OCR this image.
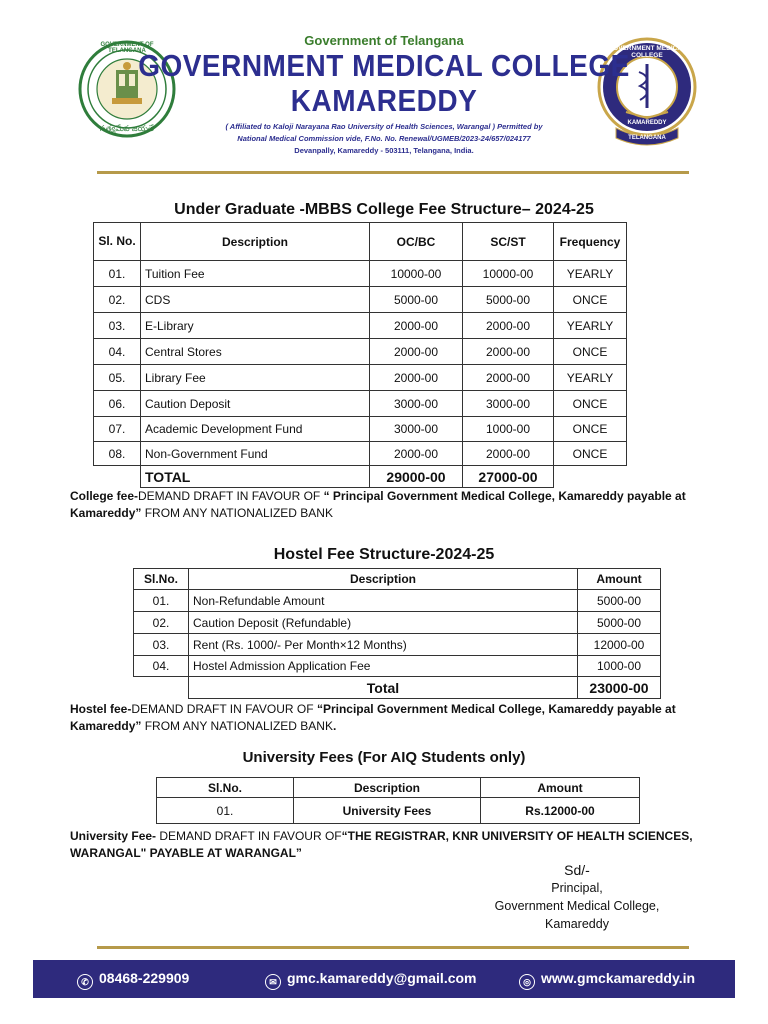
GOVERNMENT OF TELANGANA
సత్యమేవ జయతే
GOVERNMENT MEDICAL COLLEGE
KAMAREDDY
TELANGANA
Government of Telangana
GOVERNMENT MEDICAL COLLEGE
KAMAREDDY
( Affiliated to Kaloji Narayana Rao University of Health Sciences, Warangal ) Permitted by
National Medical Commission vide, F.No. No. Renewal/UGMEB/2023-24/657/024177
Devanpally, Kamareddy - 503111, Telangana, India.
Under Graduate -MBBS College Fee Structure– 2024-25
Sl. No.	Description	OC/BC	SC/ST	Frequency
01.	Tuition Fee	10000-00	10000-00	YEARLY
02.	CDS	5000-00	5000-00	ONCE
03.	E-Library	2000-00	2000-00	YEARLY
04.	Central Stores	2000-00	2000-00	ONCE
05.	Library Fee	2000-00	2000-00	YEARLY
06.	Caution Deposit	3000-00	3000-00	ONCE
07.	Academic Development Fund	3000-00	1000-00	ONCE
08.	Non-Government Fund	2000-00	2000-00	ONCE
	TOTAL	29000-00	27000-00	
College fee-DEMAND DRAFT IN FAVOUR OF “ Principal Government Medical College, Kamareddy payable at Kamareddy” FROM ANY NATIONALIZED BANK
Hostel Fee Structure-2024-25
Sl.No.	Description	Amount
01.	Non-Refundable Amount	5000-00
02.	Caution Deposit (Refundable)	5000-00
03.	Rent (Rs. 1000/- Per Month×12 Months)	12000-00
04.	Hostel Admission Application Fee	1000-00
	Total	23000-00
Hostel fee-DEMAND DRAFT IN FAVOUR OF “Principal Government Medical College, Kamareddy payable at Kamareddy” FROM ANY NATIONALIZED BANK.
University Fees (For AIQ Students only)
Sl.No.	Description	Amount
01.	University Fees	Rs.12000-00
University Fee- DEMAND DRAFT IN FAVOUR OF“THE REGISTRAR, KNR UNIVERSITY OF HEALTH SCIENCES, WARANGAL" PAYABLE AT WARANGAL”
Sd/-
Principal,
Government Medical College,
Kamareddy
✆ 08468-229909	✉ gmc.kamareddy@gmail.com	◎ www.gmckamareddy.in
